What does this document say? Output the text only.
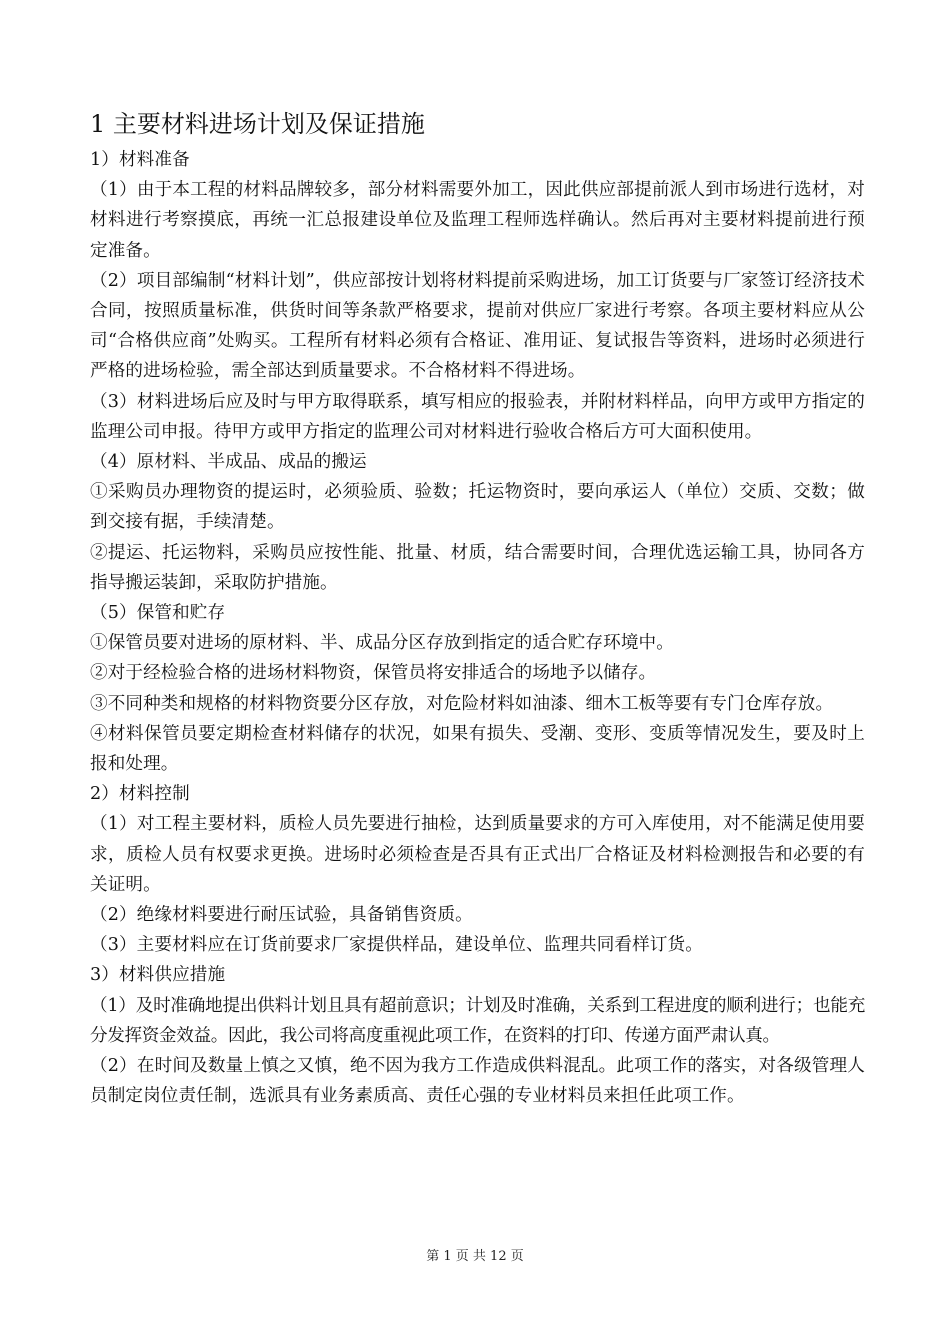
1 主要材料进场计划及保证措施

1）材料准备

（1）由于本工程的材料品牌较多，部分材料需要外加工，因此供应部提前派人到市场进行选材，对材料进行考察摸底，再统一汇总报建设单位及监理工程师选样确认。然后再对主要材料提前进行预定准备。

（2）项目部编制“材料计划”，供应部按计划将材料提前采购进场，加工订货要与厂家签订经济技术合同，按照质量标准，供货时间等条款严格要求，提前对供应厂家进行考察。各项主要材料应从公司“合格供应商”处购买。工程所有材料必须有合格证、准用证、复试报告等资料，进场时必须进行严格的进场检验，需全部达到质量要求。不合格材料不得进场。

（3）材料进场后应及时与甲方取得联系，填写相应的报验表，并附材料样品，向甲方或甲方指定的监理公司申报。待甲方或甲方指定的监理公司对材料进行验收合格后方可大面积使用。

（4）原材料、半成品、成品的搬运

①采购员办理物资的提运时，必须验质、验数；托运物资时，要向承运人（单位）交质、交数；做到交接有据，手续清楚。

②提运、托运物料，采购员应按性能、批量、材质，结合需要时间，合理优选运输工具，协同各方指导搬运装卸，采取防护措施。

（5）保管和贮存

①保管员要对进场的原材料、半、成品分区存放到指定的适合贮存环境中。

②对于经检验合格的进场材料物资，保管员将安排适合的场地予以储存。

③不同种类和规格的材料物资要分区存放，对危险材料如油漆、细木工板等要有专门仓库存放。

④材料保管员要定期检查材料储存的状况，如果有损失、受潮、变形、变质等情况发生，要及时上报和处理。

2）材料控制

（1）对工程主要材料，质检人员先要进行抽检，达到质量要求的方可入库使用，对不能满足使用要求，质检人员有权要求更换。进场时必须检查是否具有正式出厂合格证及材料检测报告和必要的有关证明。

（2）绝缘材料要进行耐压试验，具备销售资质。

（3）主要材料应在订货前要求厂家提供样品，建设单位、监理共同看样订货。

3）材料供应措施

（1）及时准确地提出供料计划且具有超前意识；计划及时准确，关系到工程进度的顺利进行；也能充分发挥资金效益。因此，我公司将高度重视此项工作，在资料的打印、传递方面严肃认真。

（2）在时间及数量上慎之又慎，绝不因为我方工作造成供料混乱。此项工作的落实，对各级管理人员制定岗位责任制，选派具有业务素质高、责任心强的专业材料员来担任此项工作。

第 1 页 共 12 页
